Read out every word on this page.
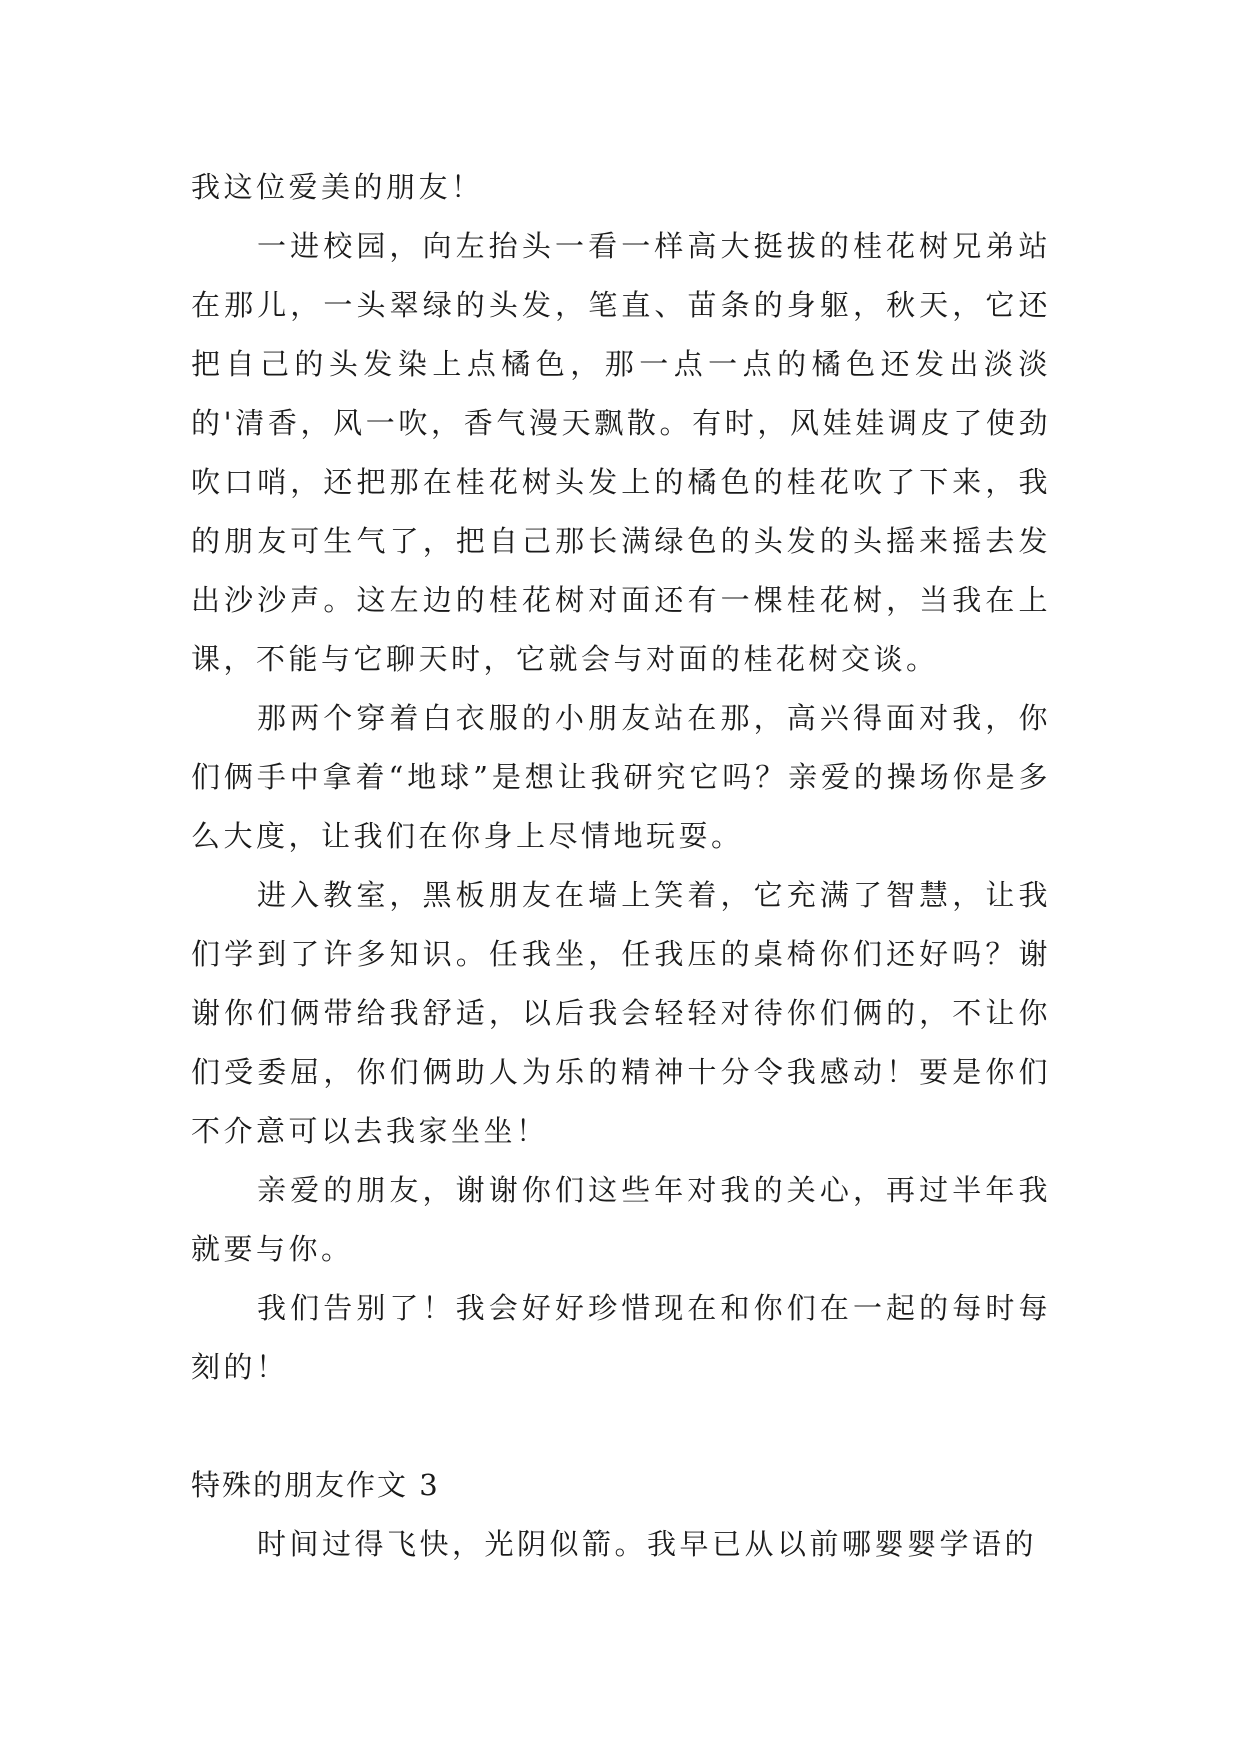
我这位爱美的朋友！

一进校园，向左抬头一看一样高大挺拔的桂花树兄弟站在那儿，一头翠绿的头发，笔直、苗条的身躯，秋天，它还把自己的头发染上点橘色，那一点一点的橘色还发出淡淡的'清香，风一吹，香气漫天飘散。有时，风娃娃调皮了使劲吹口哨，还把那在桂花树头发上的橘色的桂花吹了下来，我的朋友可生气了，把自己那长满绿色的头发的头摇来摇去发出沙沙声。这左边的桂花树对面还有一棵桂花树，当我在上课，不能与它聊天时，它就会与对面的桂花树交谈。

那两个穿着白衣服的小朋友站在那，高兴得面对我，你们俩手中拿着“地球”是想让我研究它吗？亲爱的操场你是多么大度，让我们在你身上尽情地玩耍。

进入教室，黑板朋友在墙上笑着，它充满了智慧，让我们学到了许多知识。任我坐，任我压的桌椅你们还好吗？谢谢你们俩带给我舒适，以后我会轻轻对待你们俩的，不让你们受委屈，你们俩助人为乐的精神十分令我感动！要是你们不介意可以去我家坐坐！

亲爱的朋友，谢谢你们这些年对我的关心，再过半年我就要与你。

我们告别了！我会好好珍惜现在和你们在一起的每时每刻的！

特殊的朋友作文 3

时间过得飞快，光阴似箭。我早已从以前哪婴婴学语的
